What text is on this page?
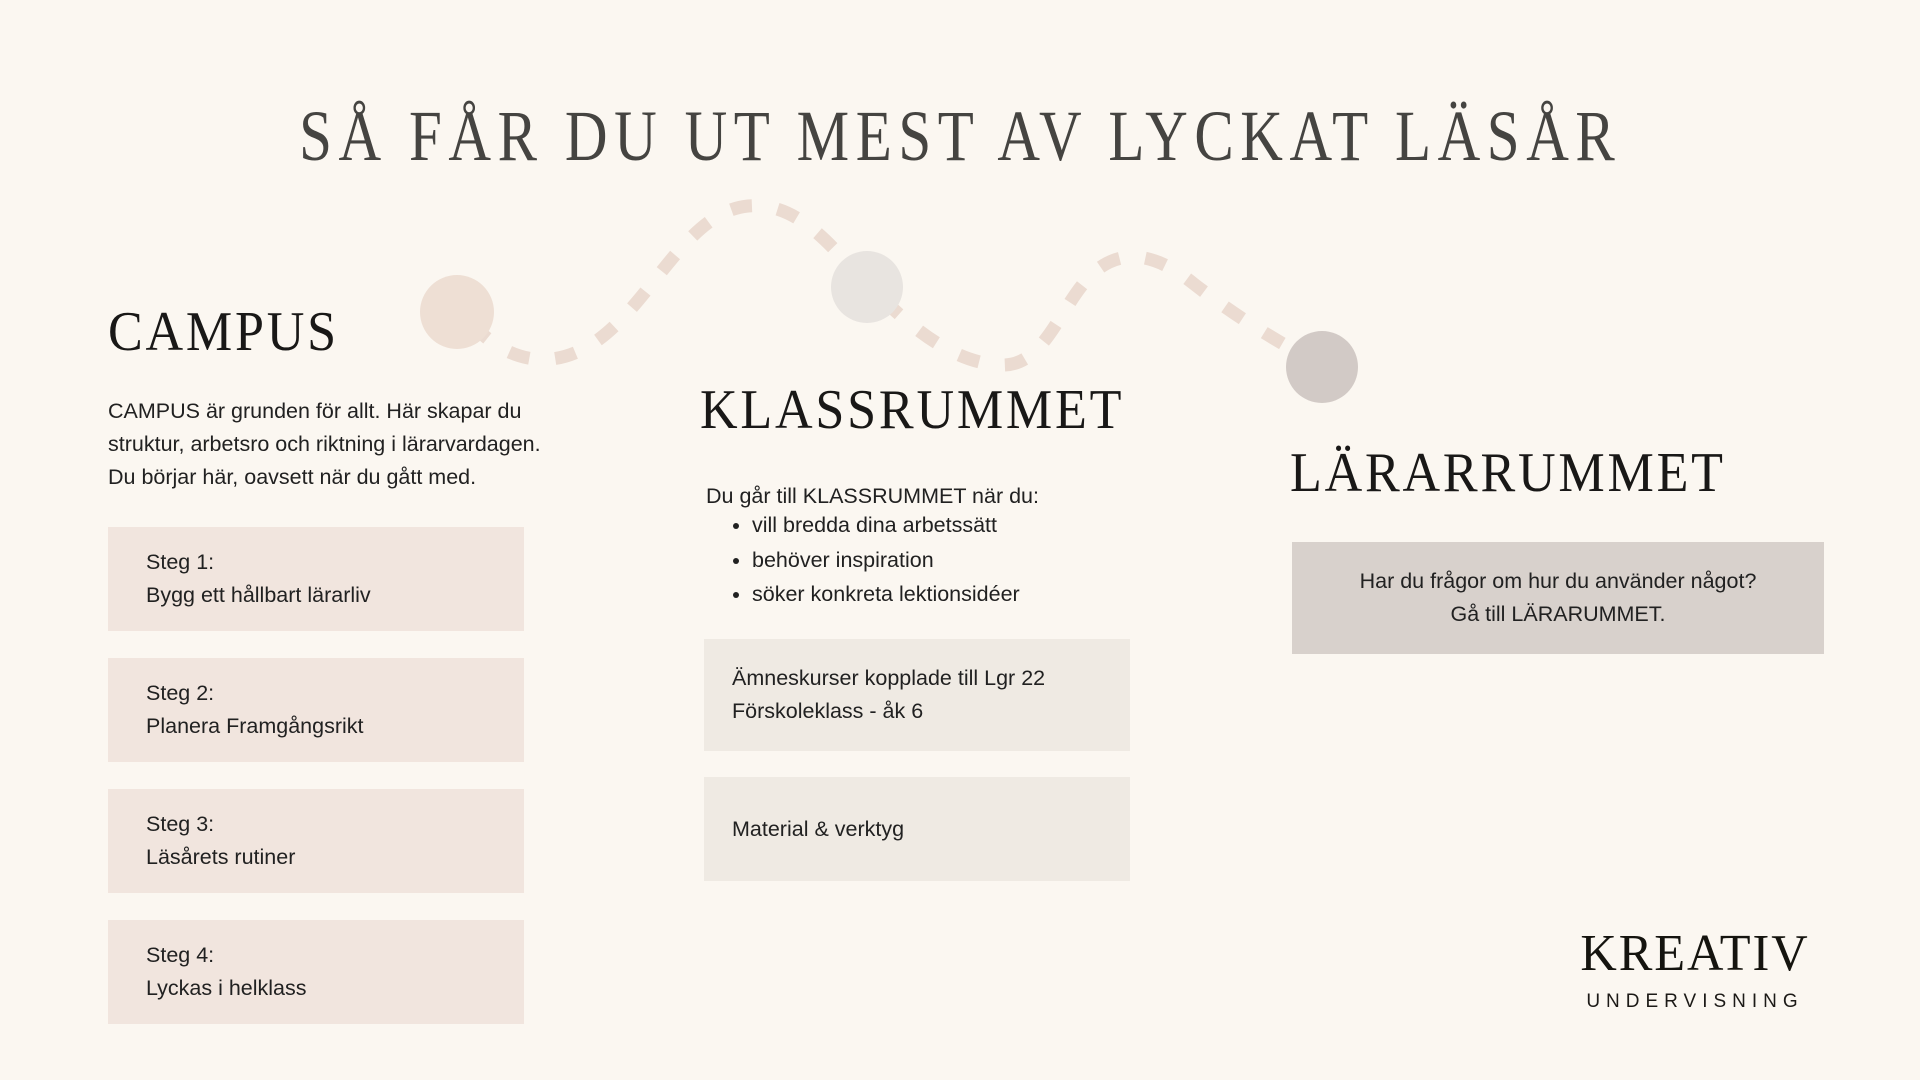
SÅ FÅR DU UT MEST AV LYCKAT LÄSÅR
CAMPUS
CAMPUS är grunden för allt. Här skapar du
struktur, arbetsro och riktning i lärarvardagen.
Du börjar här, oavsett när du gått med.
Steg 1:
Bygg ett hållbart lärarliv
Steg 2:
Planera Framgångsrikt
Steg 3:
Läsårets rutiner
Steg 4:
Lyckas i helklass
KLASSRUMMET
Du går till KLASSRUMMET när du:
• vill bredda dina arbetssätt
• behöver inspiration
• söker konkreta lektionsidéer
Ämneskurser kopplade till Lgr 22
Förskoleklass - åk 6
Material & verktyg
LÄRARRUMMET
Har du frågor om hur du använder något?
Gå till LÄRARUMMET.
KREATIV
UNDERVISNING
